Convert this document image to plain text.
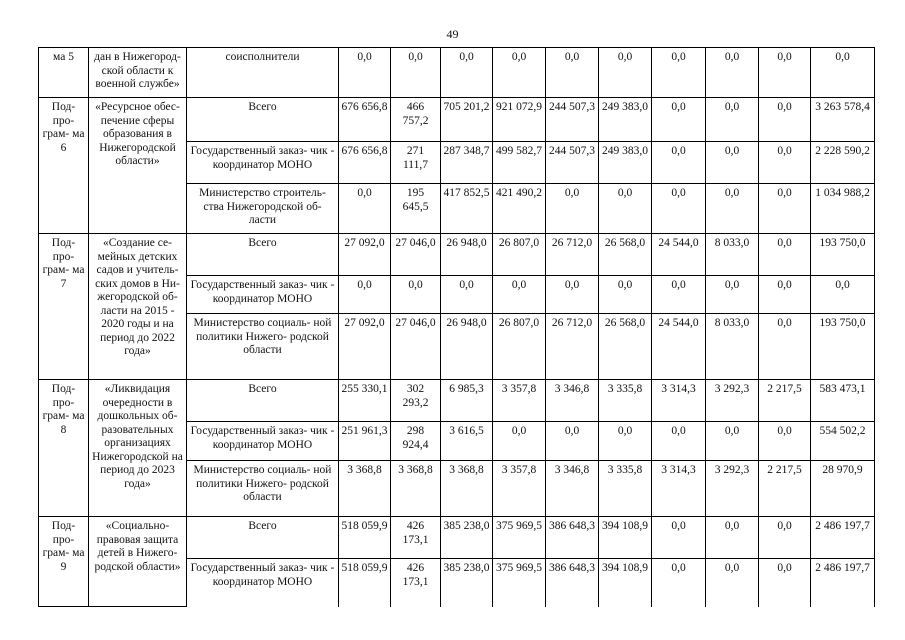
49
ма 5	дан в Нижегород- ской области к военной службе»	соисполнители	0,0	0,0	0,0	0,0	0,0	0,0	0,0	0,0	0,0	0,0
Под- про- грам- ма 6	«Ресурсное обес- печение сферы образования в Нижегородской области»	Всего	676 656,8	466 757,2	705 201,2	921 072,9	244 507,3	249 383,0	0,0	0,0	0,0	3 263 578,4
		Государственный заказ- чик - координатор МОНО	676 656,8	271 111,7	287 348,7	499 582,7	244 507,3	249 383,0	0,0	0,0	0,0	2 228 590,2
		Министерство строитель- ства Нижегородской об- ласти	0,0	195 645,5	417 852,5	421 490,2	0,0	0,0	0,0	0,0	0,0	1 034 988,2
Под- про- грам- ма 7	«Создание се- мейных детских садов и учитель- ских домов в Ни- жегородской об- ласти на 2015 - 2020 годы и на период до 2022 года»	Всего	27 092,0	27 046,0	26 948,0	26 807,0	26 712,0	26 568,0	24 544,0	8 033,0	0,0	193 750,0
		Государственный заказ- чик - координатор МОНО	0,0	0,0	0,0	0,0	0,0	0,0	0,0	0,0	0,0	0,0
		Министерство социаль- ной политики Нижего- родской области	27 092,0	27 046,0	26 948,0	26 807,0	26 712,0	26 568,0	24 544,0	8 033,0	0,0	193 750,0
Под- про- грам- ма 8	«Ликвидация очередности в дошкольных об- разовательных организациях Нижегородской на период до 2023 года»	Всего	255 330,1	302 293,2	6 985,3	3 357,8	3 346,8	3 335,8	3 314,3	3 292,3	2 217,5	583 473,1
		Государственный заказ- чик - координатор МОНО	251 961,3	298 924,4	3 616,5	0,0	0,0	0,0	0,0	0,0	0,0	554 502,2
		Министерство социаль- ной политики Нижего- родской области	3 368,8	3 368,8	3 368,8	3 357,8	3 346,8	3 335,8	3 314,3	3 292,3	2 217,5	28 970,9
Под- про- грам- ма 9	«Социально- правовая защита детей в Нижего- родской области»	Всего	518 059,9	426 173,1	385 238,0	375 969,5	386 648,3	394 108,9	0,0	0,0	0,0	2 486 197,7
		Государственный заказ- чик - координатор МОНО	518 059,9	426 173,1	385 238,0	375 969,5	386 648,3	394 108,9	0,0	0,0	0,0	2 486 197,7
